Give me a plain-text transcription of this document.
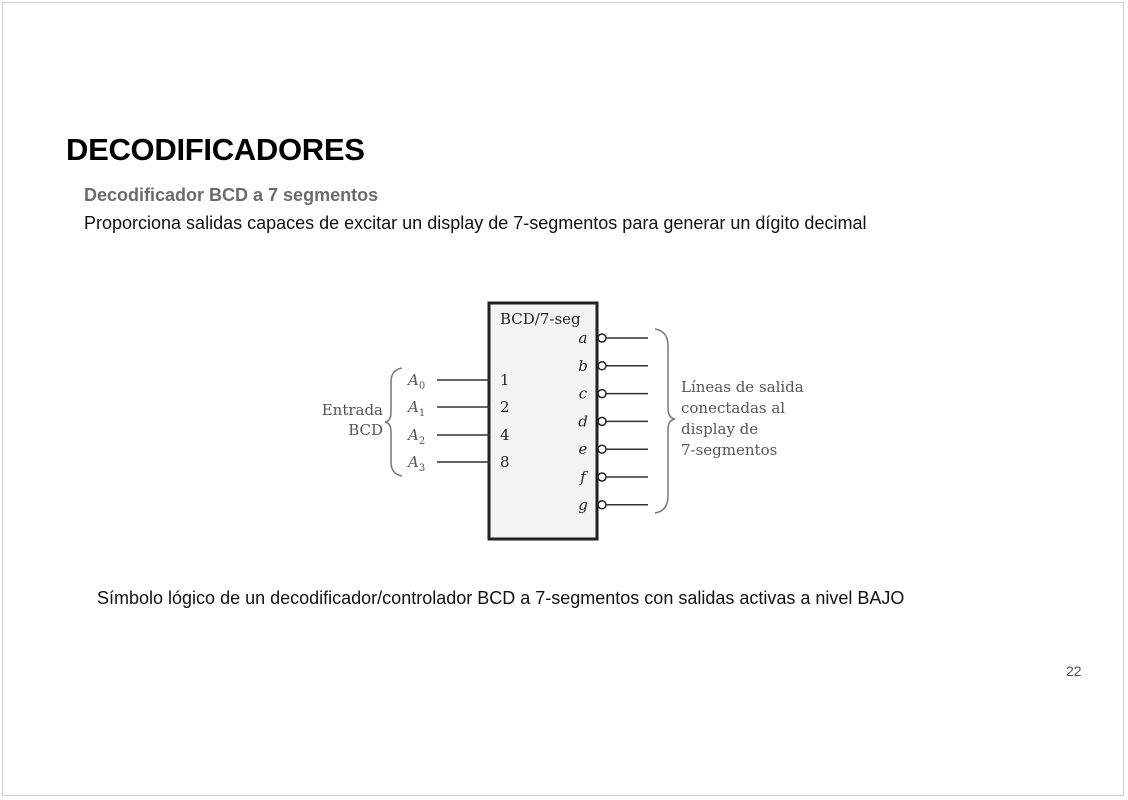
DECODIFICADORES
Decodificador BCD a 7 segmentos
Proporciona salidas capaces de excitar un display de 7-segmentos para generar un dígito decimal
BCD/7-seg
Entrada
BCD
$A_0$	1
$A_1$	2
$A_2$	4
$A_3$	8
a
b
c
d
e
f
g
Líneas de salida
conectadas al
display de
7-segmentos
Símbolo lógico de un decodificador/controlador BCD a 7-segmentos con salidas activas a nivel BAJO
22
